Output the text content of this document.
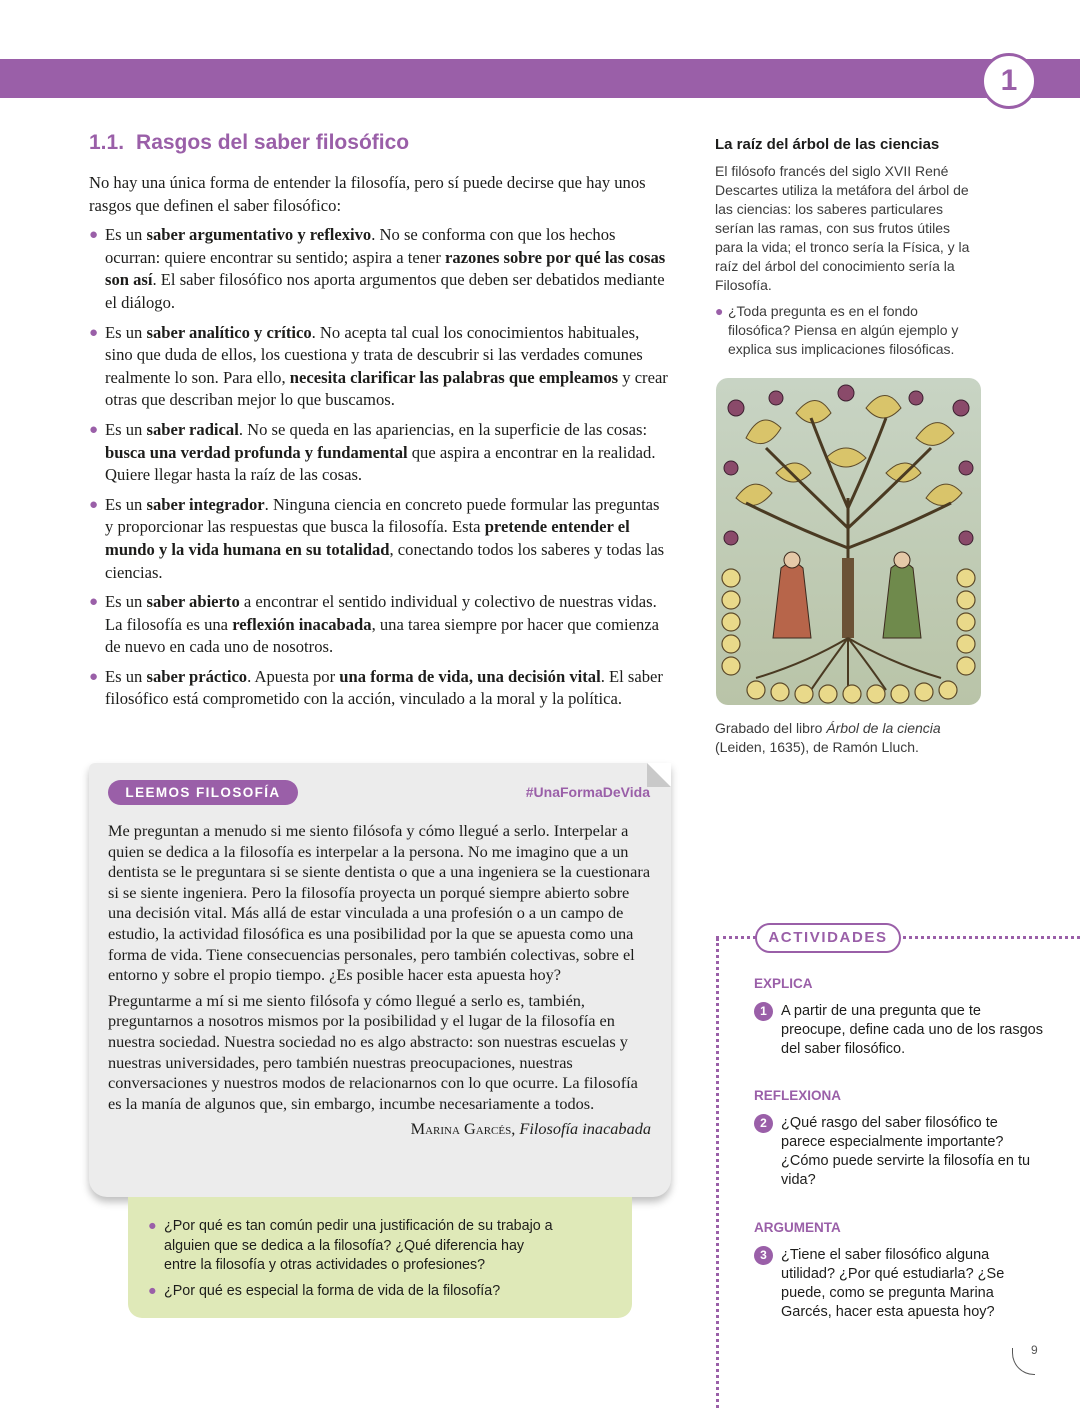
1
1.1. Rasgos del saber filosófico

No hay una única forma de entender la filosofía, pero sí puede decirse que hay unos rasgos que definen el saber filosófico:

● Es un saber argumentativo y reflexivo. No se conforma con que los hechos ocurran: quiere encontrar su sentido; aspira a tener razones sobre por qué las cosas son así. El saber filosófico nos aporta argumentos que deben ser debatidos mediante el diálogo.
● Es un saber analítico y crítico. No acepta tal cual los conocimientos habituales, sino que duda de ellos, los cuestiona y trata de descubrir si las verdades comunes realmente lo son. Para ello, necesita clarificar las palabras que empleamos y crear otras que describan mejor lo que buscamos.
● Es un saber radical. No se queda en las apariencias, en la superficie de las cosas: busca una verdad profunda y fundamental que aspira a encontrar en la realidad. Quiere llegar hasta la raíz de las cosas.
● Es un saber integrador. Ninguna ciencia en concreto puede formular las preguntas y proporcionar las respuestas que busca la filosofía. Esta pretende entender el mundo y la vida humana en su totalidad, conectando todos los saberes y todas las ciencias.
● Es un saber abierto a encontrar el sentido individual y colectivo de nuestras vidas. La filosofía es una reflexión inacabada, una tarea siempre por hacer que comienza de nuevo en cada uno de nosotros.
● Es un saber práctico. Apuesta por una forma de vida, una decisión vital. El saber filosófico está comprometido con la acción, vinculado a la moral y la política.
La raíz del árbol de las ciencias

El filósofo francés del siglo XVII René Descartes utiliza la metáfora del árbol de las ciencias: los saberes particulares serían las ramas, con sus frutos útiles para la vida; el tronco sería la Física, y la raíz del árbol del conocimiento sería la Filosofía.

● ¿Toda pregunta es en el fondo filosófica? Piensa en algún ejemplo y explica sus implicaciones filosóficas.
Grabado del libro Árbol de la ciencia (Leiden, 1635), de Ramón Lluch.
LEEMOS FILOSOFÍA	#UnaFormaDeVida

Me preguntan a menudo si me siento filósofa y cómo llegué a serlo. Interpelar a quien se dedica a la filosofía es interpelar a la persona. No me imagino que a un dentista se le preguntara si se siente dentista o que a una ingeniera se la cuestionara si se siente ingeniera. Pero la filosofía proyecta un porqué siempre abierto sobre una decisión vital. Más allá de estar vinculada a una profesión o a un campo de estudio, la actividad filosófica es una posibilidad por la que se apuesta como una forma de vida. Tiene consecuencias personales, pero también colectivas, sobre el entorno y sobre el propio tiempo. ¿Es posible hacer esta apuesta hoy?

Preguntarme a mí si me siento filósofa y cómo llegué a serlo es, también, preguntarnos a nosotros mismos por la posibilidad y el lugar de la filosofía en nuestra sociedad. Nuestra sociedad no es algo abstracto: son nuestras escuelas y nuestras universidades, pero también nuestras preocupaciones, nuestras conversaciones y nuestros modos de relacionarnos con lo que ocurre. La filosofía es la manía de algunos que, sin embargo, incumbe necesariamente a todos.

Marina Garcés, Filosofía inacabada
● ¿Por qué es tan común pedir una justificación de su trabajo a alguien que se dedica a la filosofía? ¿Qué diferencia hay entre la filosofía y otras actividades o profesiones?
● ¿Por qué es especial la forma de vida de la filosofía?
ACTIVIDADES
EXPLICA
1 A partir de una pregunta que te preocupe, define cada uno de los rasgos del saber filosófico.
REFLEXIONA
2 ¿Qué rasgo del saber filosófico te parece especialmente importante? ¿Cómo puede servirte la filosofía en tu vida?
ARGUMENTA
3 ¿Tiene el saber filosófico alguna utilidad? ¿Por qué estudiarla? ¿Se puede, como se pregunta Marina Garcés, hacer esta apuesta hoy?
9
